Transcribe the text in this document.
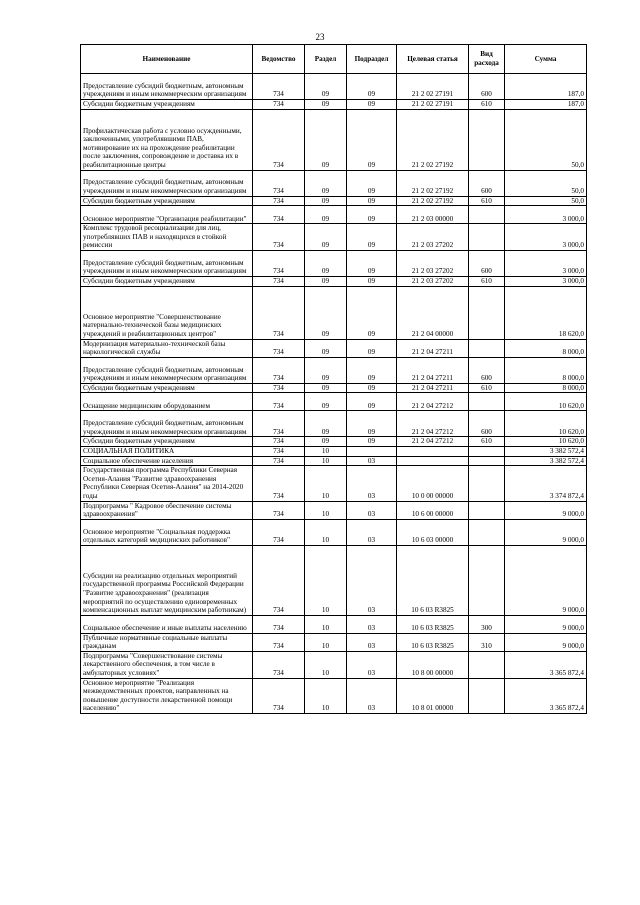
23
Наименование	Ведомство	Раздел	Подраздел	Целевая статья	Вид расхода	Сумма
Предоставление субсидий бюджетным, автономным учреждениям и иным некоммерческим организациям	734	09	09	21 2 02 27191	600	187,0
Субсидии бюджетным учреждениям	734	09	09	21 2 02 27191	610	187,0
Профилактическая работа с условно осужденными, заключенными, употреблявшими ПАВ, мотивирование их на прохождение реабилитации после заключения, сопровождение и доставка их в реабилитационные центры	734	09	09	21 2 02 27192		50,0
Предоставление субсидий бюджетным, автономным учреждениям и иным некоммерческим организациям	734	09	09	21 2 02 27192	600	50,0
Субсидии бюджетным учреждениям	734	09	09	21 2 02 27192	610	50,0
Основное мероприятие "Организация реабилитации"	734	09	09	21 2 03 00000		3 000,0
Комплекс трудовой ресоциализации для лиц, употреблявших ПАВ и находящихся в стойкой ремиссии	734	09	09	21 2 03 27202		3 000,0
Предоставление субсидий бюджетным, автономным учреждениям и иным некоммерческим организациям	734	09	09	21 2 03 27202	600	3 000,0
Субсидии бюджетным учреждениям	734	09	09	21 2 03 27202	610	3 000,0
Основное мероприятие "Совершенствование материально-технической базы медицинских учреждений и реабилитационных центров"	734	09	09	21 2 04 00000		18 620,0
Модернизация материально-технической базы наркологической службы	734	09	09	21 2 04 27211		8 000,0
Предоставление субсидий бюджетным, автономным учреждениям и иным некоммерческим организациям	734	09	09	21 2 04 27211	600	8 000,0
Субсидии бюджетным учреждениям	734	09	09	21 2 04 27211	610	8 000,0
Оснащение медицинским оборудованием	734	09	09	21 2 04 27212		10 620,0
Предоставление субсидий бюджетным, автономным учреждениям и иным некоммерческим организациям	734	09	09	21 2 04 27212	600	10 620,0
Субсидии бюджетным учреждениям	734	09	09	21 2 04 27212	610	10 620,0
СОЦИАЛЬНАЯ ПОЛИТИКА	734	10				3 382 572,4
Социальное обеспечение населения	734	10	03			3 382 572,4
Государственная программа Республики Северная Осетия-Алания "Развитие здравоохранения Республики Северная Осетия-Алания" на 2014-2020 годы	734	10	03	10 0 00 00000		3 374 872,4
Подпрограмма " Кадровое обеспечение системы здравоохранения"	734	10	03	10 6 00 00000		9 000,0
Основное мероприятие "Социальная поддержка отдельных категорий медицинских работников"	734	10	03	10 6 03 00000		9 000,0
Субсидии на реализацию отдельных мероприятий государственной программы Российской Федерации "Развитие здравоохранения" (реализация мероприятий по осуществлению единовременных компенсационных выплат медицинским работникам)	734	10	03	10 6 03 R3825		9 000,0
Социальное обеспечение и иные выплаты населению	734	10	03	10 6 03 R3825	300	9 000,0
Публичные нормативные социальные выплаты гражданам	734	10	03	10 6 03 R3825	310	9 000,0
Подпрограмма "Совершенствование системы лекарственного обеспечения, в том числе в амбулаторных условиях"	734	10	03	10 8 00 00000		3 365 872,4
Основное мероприятие "Реализация межведомственных проектов, направленных на повышение доступности лекарственной помощи населению"	734	10	03	10 8 01 00000		3 365 872,4
